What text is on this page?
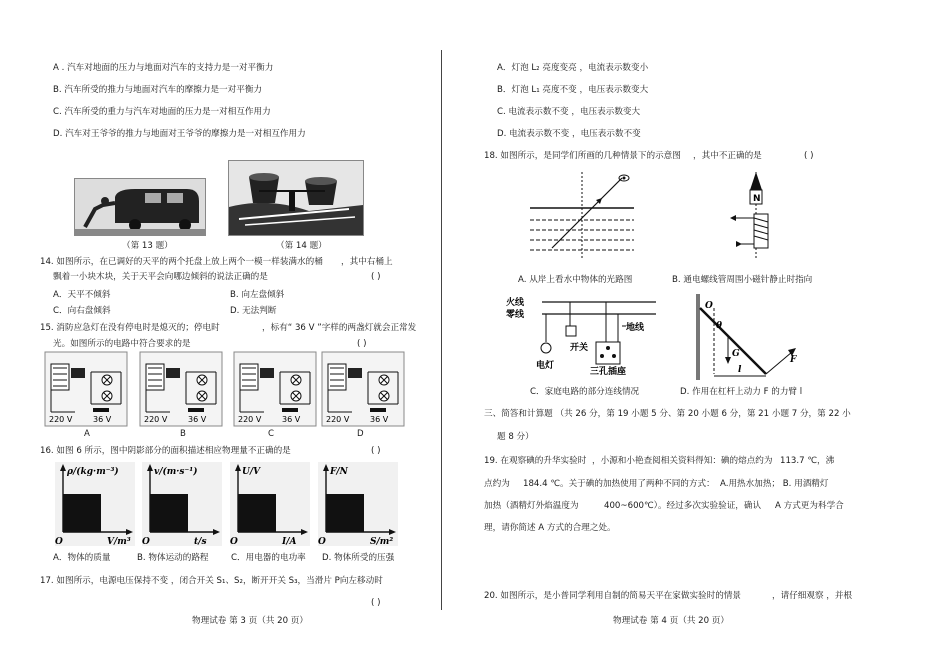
A . 汽车对地面的压力与地面对汽车的支持力是一对平衡力
B. 汽车所受的推力与地面对汽车的摩擦力是一对平衡力
C. 汽车所受的重力与汽车对地面的压力是一对相互作用力
D. 汽车对王爷爷的推力与地面对王爷爷的摩擦力是一对相互作用力
（第 13 题）	（第 14 题）
14. 如图所示，在已调好的天平的两个托盘上放上两个一模一样装满水的桶 ，其中右桶上
飘着一小块木块，关于天平会向哪边倾斜的说法正确的是	( )
A．天平不倾斜	B. 向左盘倾斜
C．向右盘倾斜	D. 无法判断
15. 消防应急灯在没有停电时是熄灭的；停电时	，标有“ 36 V ”字样的两盏灯就会正常发
光。如图所示的电路中符合要求的是	( )
220 V	36 V	220 V	36 V	220 V	36 V	220 V	36 V
A	B	C	D
16. 如图 6 所示，图中阴影部分的面积描述相应物理量不正确的是	( )
ρ/(kg·m⁻³)
V/m³
O
v/(m·s⁻¹)
t/s
O
U/V
I/A
O
F/N
S/m²
O
A．物体的质量	B. 物体运动的路程	C．用电器的电功率 D. 物体所受的压强
17. 如图所示，电源电压保持不变 ，闭合开关 S₁、S₂，断开开关 S₃，当滑片 P向左移动时
( )
物理试卷 第 3 页（共 20 页）
A．灯泡 L₂ 亮度变亮 ，电流表示数变小
B．灯泡 L₁ 亮度不变 ，电压表示数变大
C. 电流表示数不变 ，电压表示数变大
D. 电流表示数不变 ，电压表示数不变
18. 如图所示，是同学们所画的几种情景下的示意图 ，其中不正确的是	( )
A. 从岸上看水中物体的光路图
N
B. 通电螺线管周围小磁针静止时指向
火线
零线
地线
开关
电灯
三孔插座
C．家庭电路的部分连线情况
O
θ
G
F
l
D. 作用在杠杆上动力 F 的力臂 l
三、简答和计算题 （共 26 分，第 19 小题 5 分、第 20 小题 6 分，第 21 小题 7 分，第 22 小
题 8 分）
19. 在观察碘的升华实验时 ，小源和小艳查阅相关资料得知：碘的熔点约为 113.7 ℃，沸
点约为 184.4 ℃。关于碘的加热使用了两种不同的方式： A.用热水加热； B. 用酒精灯
加热（酒精灯外焰温度为	400~600℃）。经过多次实验验证，确认 A 方式更为科学合
理，请你简述 A 方式的合理之处。
20. 如图所示，是小普同学利用自制的简易天平在家做实验时的情景	，请仔细观察 ，并根
物理试卷 第 4 页（共 20 页）
